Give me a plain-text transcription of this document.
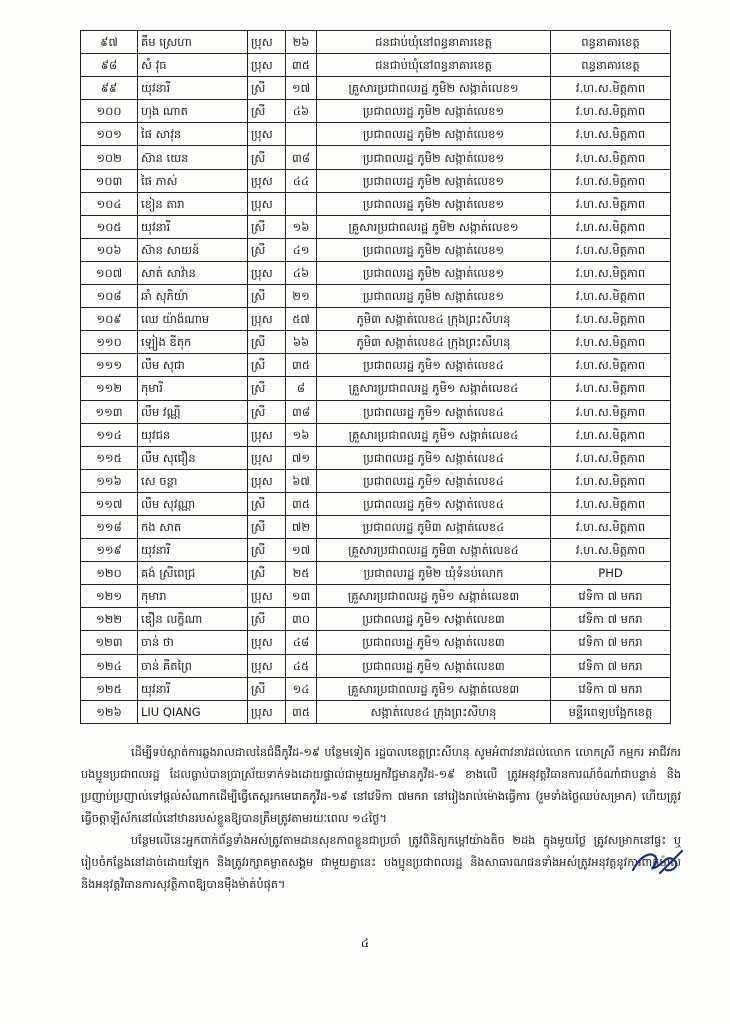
៩៧	គឹម ស្រេហា	ប្រុស	២៦	ជនជាប់ឃុំនៅពន្ធនាគារខេត្ត	ពន្ធនាគារខេត្ត
៩៨	សំ វុធ	ប្រុស	៣៥	ជនជាប់ឃុំនៅពន្ធនាគារខេត្ត	ពន្ធនាគារខេត្ត
៩៩	យុវនារី	ស្រី	១៧	គ្រួសារប្រជាពលរដ្ឋ ភូមិ២ សង្កាត់លេខ១	វ.ហ.ស.មិត្តភាព
១០០	ហុង ណាត	ស្រី	៤៦	ប្រជាពលរដ្ឋ ភូមិ២ សង្កាត់លេខ១	វ.ហ.ស.មិត្តភាព
១០១	ផៃ សាវុន	ប្រុស		ប្រជាពលរដ្ឋ ភូមិ២ សង្កាត់លេខ១	វ.ហ.ស.មិត្តភាព
១០២	ស៊ាន យេន	ស្រី	៣៨	ប្រជាពលរដ្ឋ ភូមិ២ សង្កាត់លេខ១	វ.ហ.ស.មិត្តភាព
១០៣	ផៃ ភាស់	ប្រុស	៤៤	ប្រជាពលរដ្ឋ ភូមិ២ សង្កាត់លេខ១	វ.ហ.ស.មិត្តភាព
១០៤	ខៀន តារា	ប្រុស		ប្រជាពលរដ្ឋ ភូមិ២ សង្កាត់លេខ១	វ.ហ.ស.មិត្តភាព
១០៥	យុវនារី	ស្រី	១៦	គ្រួសារប្រជាពលរដ្ឋ ភូមិ២ សង្កាត់លេខ១	វ.ហ.ស.មិត្តភាព
១០៦	ស៊ាន សាយន៍	ស្រី	៤១	ប្រជាពលរដ្ឋ ភូមិ២ សង្កាត់លេខ១	វ.ហ.ស.មិត្តភាព
១០៧	សាត់ សាវ៉ាន	ប្រុស	៤៦	ប្រជាពលរដ្ឋ ភូមិ២ សង្កាត់លេខ១	វ.ហ.ស.មិត្តភាព
១០៨	ឆាំ សុភិយ៉ា	ស្រី	២១	ប្រជាពលរដ្ឋ ភូមិ២ សង្កាត់លេខ១	វ.ហ.ស.មិត្តភាព
១០៩	ឈេ យ៉ាង៉ណាម	ប្រុស	៥៧	ភូមិ៣ សង្កាត់លេខ៤ ក្រុងព្រះសីហនុ	វ.ហ.ស.មិត្តភាព
១១០	ឡៀង ឌីតុក	ស្រី	៦៦	ភូមិ៣ សង្កាត់លេខ៤ ក្រុងព្រះសីហនុ	វ.ហ.ស.មិត្តភាព
១១១	លឹម សុជា	ស្រី	៣៥	ប្រជាពលរដ្ឋ ភូមិ១ សង្កាត់លេខ៤	វ.ហ.ស.មិត្តភាព
១១២	កុមារី	ស្រី	៨	គ្រួសារប្រជាពលរដ្ឋ ភូមិ១ សង្កាត់លេខ៤	វ.ហ.ស.មិត្តភាព
១១៣	លឹម វណ្ណី	ស្រី	៣៨	ប្រជាពលរដ្ឋ ភូមិ១ សង្កាត់លេខ៤	វ.ហ.ស.មិត្តភាព
១១៤	យុវជន	ប្រុស	១៦	គ្រួសារប្រជាពលរដ្ឋ ភូមិ១ សង្កាត់លេខ៤	វ.ហ.ស.មិត្តភាព
១១៥	លឹម សុជឿន	ប្រុស	៧១	ប្រជាពលរដ្ឋ ភូមិ១ សង្កាត់លេខ៤	វ.ហ.ស.មិត្តភាព
១១៦	សេ ចន្ថា	ប្រុស	៦៧	ប្រជាពលរដ្ឋ ភូមិ១ សង្កាត់លេខ៤	វ.ហ.ស.មិត្តភាព
១១៧	លឹម សុវណ្ណា	ស្រី	៣៥	ប្រជាពលរដ្ឋ ភូមិ១ សង្កាត់លេខ៤	វ.ហ.ស.មិត្តភាព
១១៨	កង សាត	ស្រី	៧២	ប្រជាពលរដ្ឋ ភូមិ៣ សង្កាត់លេខ៤	វ.ហ.ស.មិត្តភាព
១១៩	យុវនារី	ស្រី	១៧	គ្រួសារប្រជាពលរដ្ឋ ភូមិ៣ សង្កាត់លេខ៤	វ.ហ.ស.មិត្តភាព
១២០	គង់ ស្រីពេជ្រ	ស្រី	២៥	ប្រជាពលរដ្ឋ ភូមិ២ ឃុំទំនប់លោក	PHD
១២១	កុមារា	ប្រុស	១៣	គ្រួសារប្រជាពលរដ្ឋ ភូមិ១ សង្កាត់លេខ៣	វេទិកា ៧ មករា
១២២	ឌឿន លក្ខិណា	ស្រី	៣០	ប្រជាពលរដ្ឋ ភូមិ១ សង្កាត់លេខ៣	វេទិកា ៧ មករា
១២៣	ចាន់ ថា	ប្រុស	៤៨	ប្រជាពលរដ្ឋ ភូមិ១ សង្កាត់លេខ៣	វេទិកា ៧ មករា
១២៤	ចាន់ គីតព្រៃ	ប្រុស	៤៥	ប្រជាពលរដ្ឋ ភូមិ១ សង្កាត់លេខ៣	វេទិកា ៧ មករា
១២៥	យុវនារី	ស្រី	១៤	គ្រួសារប្រជាពលរដ្ឋ ភូមិ១ សង្កាត់លេខ៣	វេទិកា ៧ មករា
១២៦	LIU QIANG	ប្រុស	៣៥	សង្កាត់លេខ៤ ក្រុងព្រះសីហនុ	មន្ទីរពេទ្យបង្អែកខេត្ត

ដើម្បីទប់ស្កាត់ការឆ្លងរាលដាលនៃជំងឺកូវីដ-១៩ បន្ថែមទៀត រដ្ឋបាលខេត្តព្រះសីហនុ សូមអំពាវនាវដល់លោក លោកស្រី កម្មករ អាជីវករ បងប្អូនប្រជាពលរដ្ឋ ដែលធ្លាប់បានប្រាស្រ័យទាក់ទងដោយផ្ទាល់ជាមួយអ្នកវិជ្ជមានកូវីដ-១៩ ខាងលើ ត្រូវអនុវត្តវិធានការណ៍ចំណាំជាបន្ទាន់ និងប្រញាប់ប្រញាល់ទៅផ្តល់សំណាកដើម្បីធ្វើតេស្តរកមេរោគកូវីដ-១៩ នៅវេទិកា ៧មករា នៅរៀងរាល់ម៉ោងធ្វើការ (រួមទាំងថ្ងៃឈប់សម្រាក) ហើយត្រូវធ្វើចត្តាឡីស័កនៅលំនៅឋានរបស់ខ្លួនឱ្យបានត្រឹមត្រូវតាមរយៈពេល ១៤ថ្ងៃ។

បន្ថែមលើនេះអ្នកពាក់ព័ន្ធទាំងអស់ត្រូវតាមដានសុខភាពខ្លួនជាប្រចាំ ត្រូវពិនិត្យកម្ដៅយ៉ាងតិច ២ដង ក្នុងមួយថ្ងៃ ត្រូវសម្រាកនៅផ្ទះ ឬរៀបចំកន្លែងនៅដាច់ដោយឡែក និងត្រូវរក្សាគម្លាតសង្គម ជាមួយគ្នានេះ បងប្អូនប្រជាពលរដ្ឋ និងសាធារណជនទាំងអស់ត្រូវអនុវត្តនូវការពាក់ម៉ាស និងអនុវត្តវិធានការសុវត្ថិភាពឱ្យបានម៉ឺងម៉ាត់បំផុត។

៤
